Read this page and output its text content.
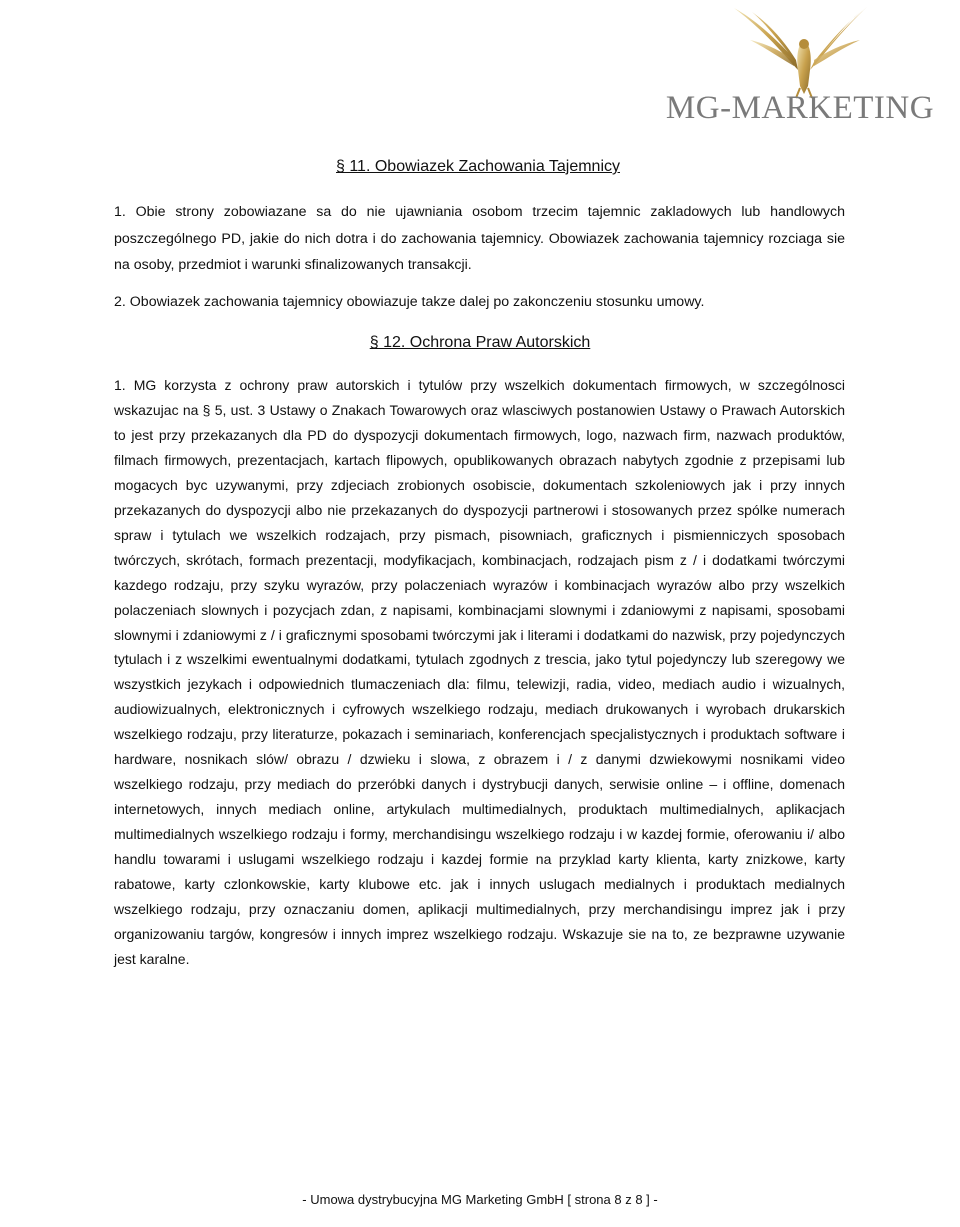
MG-MARKETING
§ 11. Obowiazek Zachowania Tajemnicy
1. Obie strony zobowiazane sa do nie ujawniania osobom trzecim tajemnic zakladowych lub handlowych poszczególnego PD, jakie do nich dotra i do zachowania tajemnicy. Obowiazek zachowania tajemnicy rozciaga sie na osoby, przedmiot i warunki sfinalizowanych transakcji.
2. Obowiazek zachowania tajemnicy obowiazuje takze dalej po zakonczeniu stosunku umowy.
§ 12. Ochrona Praw Autorskich
1. MG korzysta z ochrony praw autorskich i tytulów przy wszelkich dokumentach firmowych, w szczególnosci wskazujac na § 5, ust. 3 Ustawy o Znakach Towarowych oraz wlasciwych postanowien Ustawy o Prawach Autorskich to jest przy przekazanych dla PD do dyspozycji dokumentach firmowych, logo, nazwach firm, nazwach produktów, filmach firmowych, prezentacjach, kartach flipowych, opublikowanych obrazach nabytych zgodnie z przepisami lub mogacych byc uzywanymi, przy zdjeciach zrobionych osobiscie, dokumentach szkoleniowych jak i przy innych przekazanych do dyspozycji albo nie przekazanych do dyspozycji partnerowi i stosowanych przez spólke numerach spraw i tytulach we wszelkich rodzajach, przy pismach, pisowniach, graficznych i pismienniczych sposobach twórczych, skrótach, formach prezentacji, modyfikacjach, kombinacjach, rodzajach pism z / i dodatkami twórczymi kazdego rodzaju, przy szyku wyrazów, przy polaczeniach wyrazów i kombinacjach wyrazów albo przy wszelkich polaczeniach slownych i pozycjach zdan, z napisami, kombinacjami slownymi i zdaniowymi z napisami, sposobami slownymi i zdaniowymi z / i graficznymi sposobami twórczymi jak i literami i dodatkami do nazwisk, przy pojedynczych tytulach i z wszelkimi ewentualnymi dodatkami, tytulach zgodnych z trescia, jako tytul pojedynczy lub szeregowy we wszystkich jezykach i odpowiednich tlumaczeniach dla: filmu, telewizji, radia, video, mediach audio i wizualnych, audiowizualnych, elektronicznych i cyfrowych wszelkiego rodzaju, mediach drukowanych i wyrobach drukarskich wszelkiego rodzaju, przy literaturze, pokazach i seminariach, konferencjach specjalistycznych i produktach software i hardware, nosnikach slów/ obrazu / dzwieku i slowa, z obrazem i / z danymi dzwiekowymi nosnikami video wszelkiego rodzaju, przy mediach do przeróbki danych i dystrybucji danych, serwisie online – i offline, domenach internetowych, innych mediach online, artykulach multimedialnych, produktach multimedialnych, aplikacjach multimedialnych wszelkiego rodzaju i formy, merchandisingu wszelkiego rodzaju i w kazdej formie, oferowaniu i/ albo handlu towarami i uslugami wszelkiego rodzaju i kazdej formie na przyklad karty klienta, karty znizkowe, karty rabatowe, karty czlonkowskie, karty klubowe etc. jak i innych uslugach medialnych i produktach medialnych wszelkiego rodzaju, przy oznaczaniu domen, aplikacji multimedialnych, przy merchandisingu imprez jak i przy organizowaniu targów, kongresów i innych imprez wszelkiego rodzaju. Wskazuje sie na to, ze bezprawne uzywanie jest karalne.
- Umowa dystrybucyjna MG Marketing GmbH [ strona 8 z 8 ] -
